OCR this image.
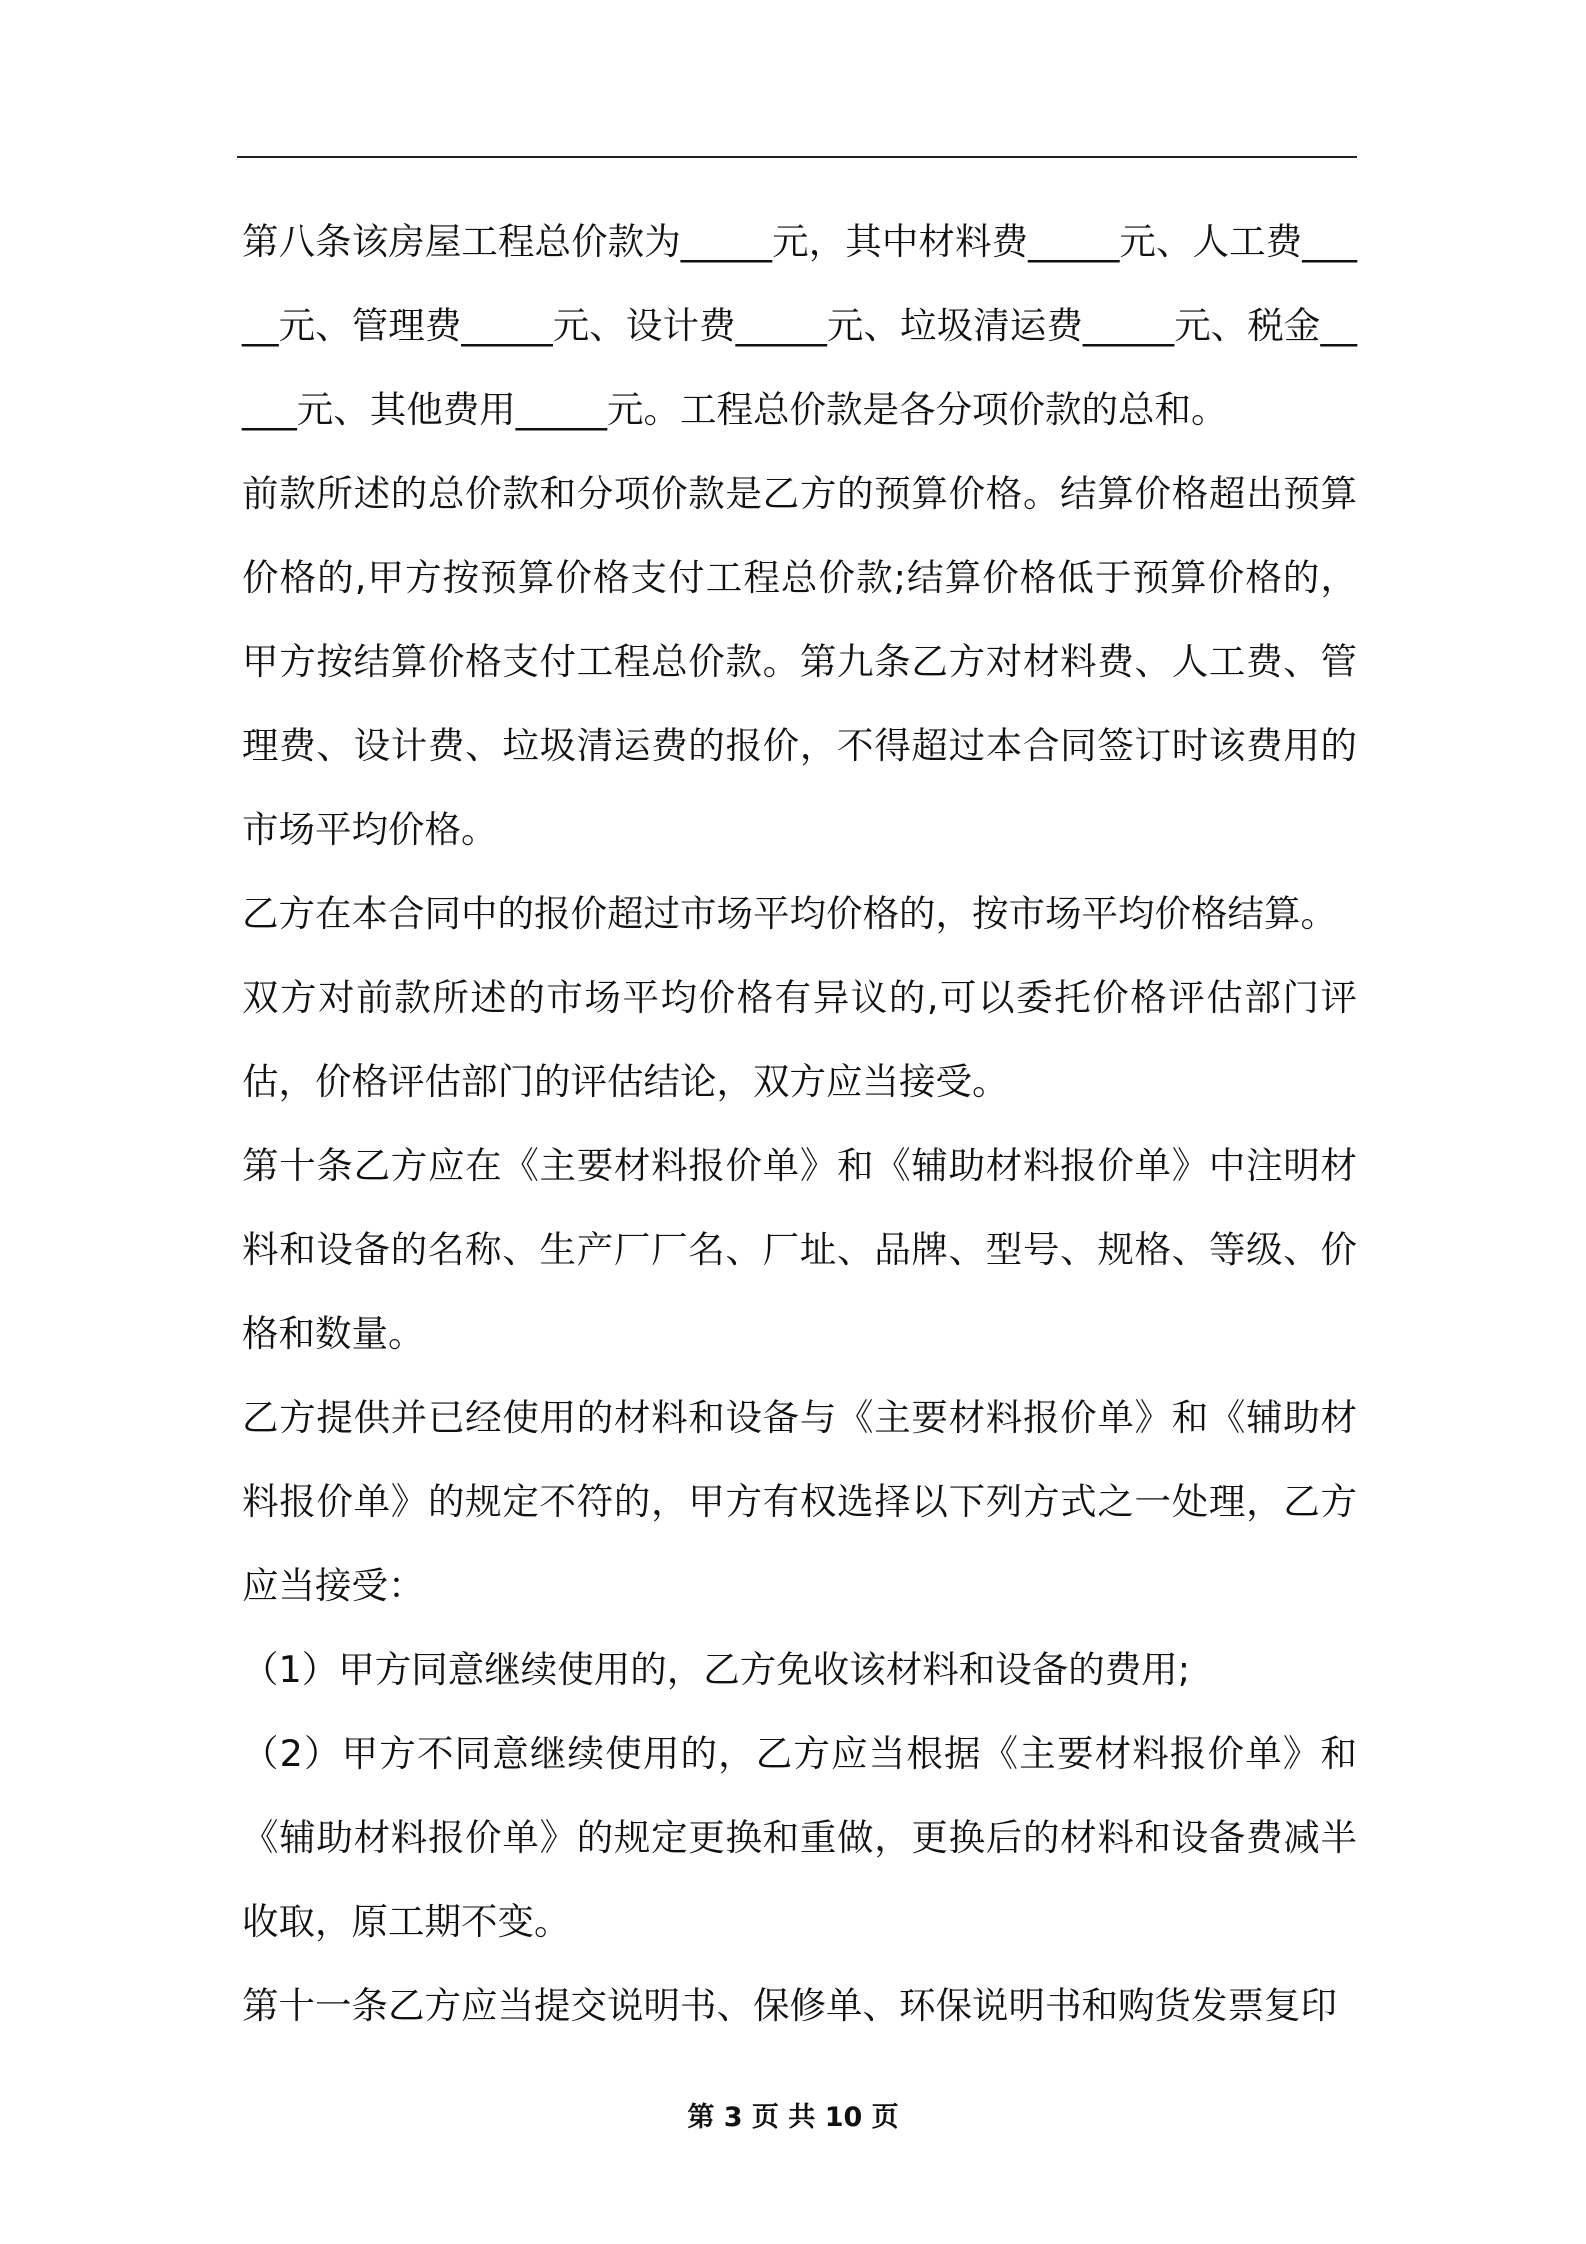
第八条该房屋工程总价款为_____元，其中材料费_____元、人工费_____元、管理费_____元、设计费_____元、垃圾清运费_____元、税金_____元、其他费用_____元。工程总价款是各分项价款的总和。

前款所述的总价款和分项价款是乙方的预算价格。结算价格超出预算价格的,甲方按预算价格支付工程总价款;结算价格低于预算价格的，甲方按结算价格支付工程总价款。第九条乙方对材料费、人工费、管理费、设计费、垃圾清运费的报价，不得超过本合同签订时该费用的市场平均价格。

乙方在本合同中的报价超过市场平均价格的，按市场平均价格结算。

双方对前款所述的市场平均价格有异议的,可以委托价格评估部门评估，价格评估部门的评估结论，双方应当接受。

第十条乙方应在《主要材料报价单》和《辅助材料报价单》中注明材料和设备的名称、生产厂厂名、厂址、品牌、型号、规格、等级、价格和数量。

乙方提供并已经使用的材料和设备与《主要材料报价单》和《辅助材料报价单》的规定不符的，甲方有权选择以下列方式之一处理，乙方应当接受：

（1）甲方同意继续使用的，乙方免收该材料和设备的费用;

（2）甲方不同意继续使用的，乙方应当根据《主要材料报价单》和《辅助材料报价单》的规定更换和重做，更换后的材料和设备费减半收取，原工期不变。

第十一条乙方应当提交说明书、保修单、环保说明书和购货发票复印

第 3 页 共 10 页
